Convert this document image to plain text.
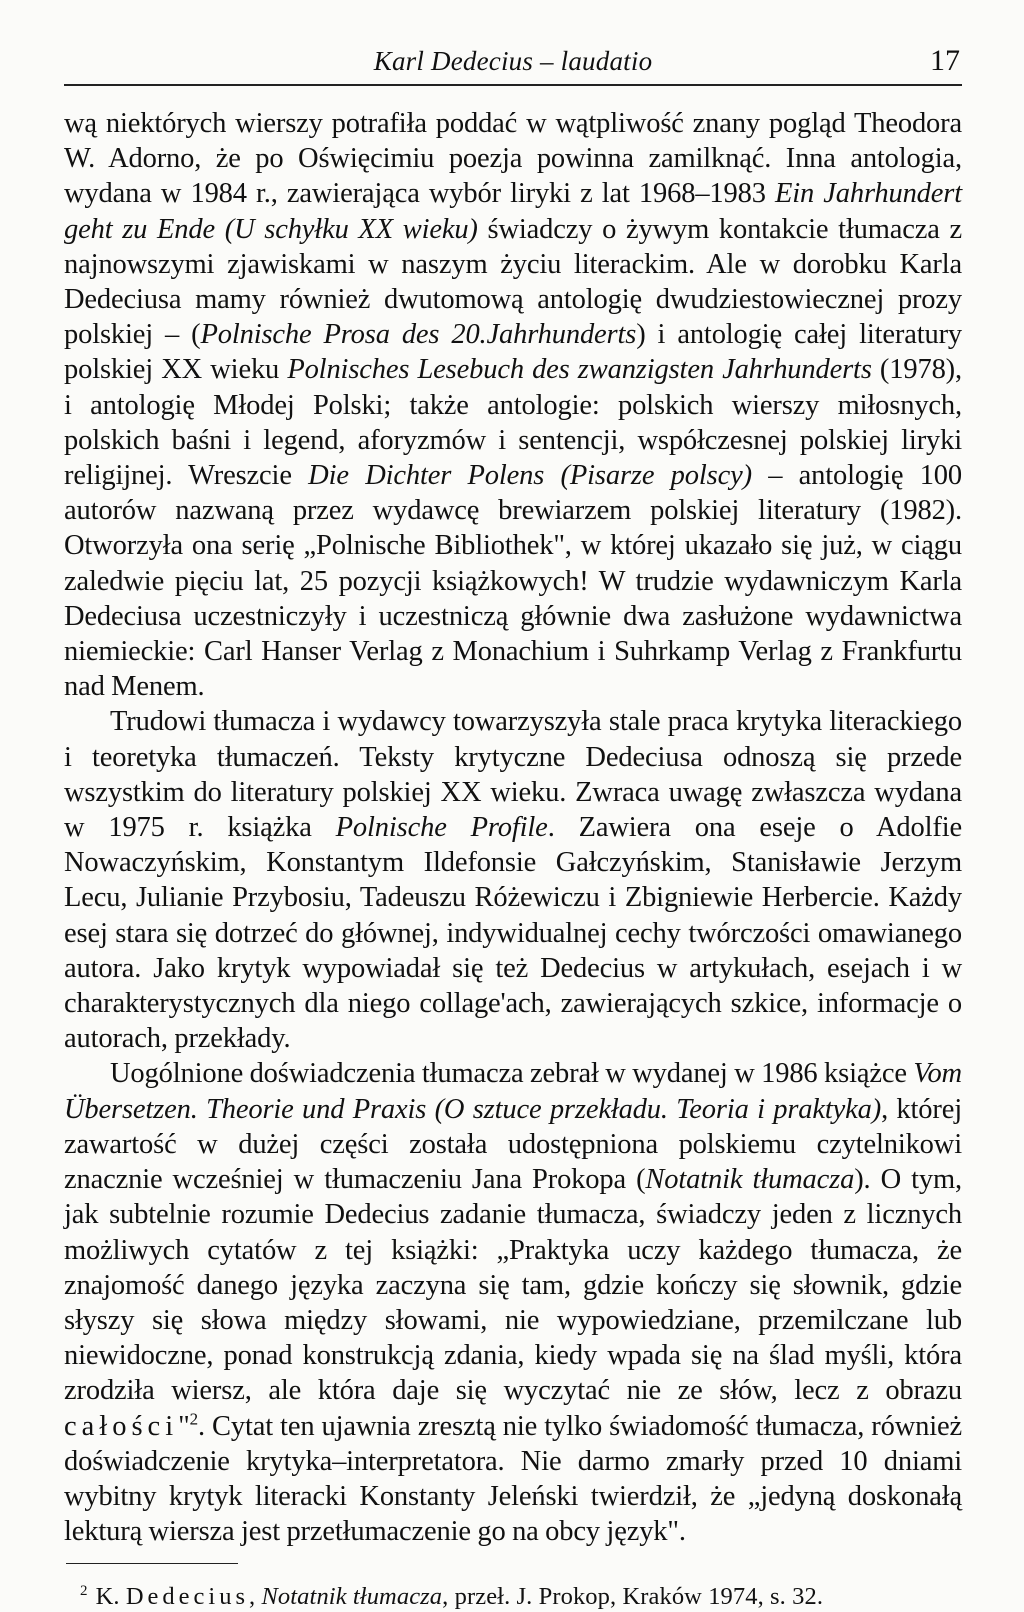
Karl Dedecius – laudatio	17

wą niektórych wierszy potrafiła poddać w wątpliwość znany pogląd Theodora W. Adorno, że po Oświęcimiu poezja powinna zamilknąć. Inna antologia, wydana w 1984 r., zawierająca wybór liryki z lat 1968–1983 Ein Jahrhundert geht zu Ende (U schyłku XX wieku) świadczy o żywym kontakcie tłumacza z najnowszymi zjawiskami w naszym życiu literackim. Ale w dorobku Karla Dedeciusa mamy również dwutomową antologię dwudziestowiecznej prozy polskiej – (Polnische Prosa des 20.Jahrhunderts) i antologię całej literatury polskiej XX wieku Polnisches Lesebuch des zwanzigsten Jahrhunderts (1978), i antologię Młodej Polski; także antologie: polskich wierszy miłosnych, polskich baśni i legend, aforyzmów i sentencji, współczesnej polskiej liryki religijnej. Wreszcie Die Dichter Polens (Pisarze polscy) – antologię 100 autorów nazwaną przez wydawcę brewiarzem polskiej literatury (1982). Otworzyła ona serię „Polnische Bibliothek", w której ukazało się już, w ciągu zaledwie pięciu lat, 25 pozycji książkowych! W trudzie wydawniczym Karla Dedeciusa uczestniczyły i uczestniczą głównie dwa zasłużone wydawnictwa niemieckie: Carl Hanser Verlag z Monachium i Suhrkamp Verlag z Frankfurtu nad Menem.

Trudowi tłumacza i wydawcy towarzyszyła stale praca krytyka literackiego i teoretyka tłumaczeń. Teksty krytyczne Dedeciusa odnoszą się przede wszystkim do literatury polskiej XX wieku. Zwraca uwagę zwłaszcza wydana w 1975 r. książka Polnische Profile. Zawiera ona eseje o Adolfie Nowaczyńskim, Konstantym Ildefonsie Gałczyńskim, Stanisławie Jerzym Lecu, Julianie Przybosiu, Tadeuszu Różewiczu i Zbigniewie Herbercie. Każdy esej stara się dotrzeć do głównej, indywidualnej cechy twórczości omawianego autora. Jako krytyk wypowiadał się też Dedecius w artykułach, esejach i w charakterystycznych dla niego collage'ach, zawierających szkice, informacje o autorach, przekłady.

Uogólnione doświadczenia tłumacza zebrał w wydanej w 1986 książce Vom Übersetzen. Theorie und Praxis (O sztuce przekładu. Teoria i praktyka), której zawartość w dużej części została udostępniona polskiemu czytelnikowi znacznie wcześniej w tłumaczeniu Jana Prokopa (Notatnik tłumacza). O tym, jak subtelnie rozumie Dedecius zadanie tłumacza, świadczy jeden z licznych możliwych cytatów z tej książki: „Praktyka uczy każdego tłumacza, że znajomość danego języka zaczyna się tam, gdzie kończy się słownik, gdzie słyszy się słowa między słowami, nie wypowiedziane, przemilczane lub niewidoczne, ponad konstrukcją zdania, kiedy wpada się na ślad myśli, która zrodziła wiersz, ale która daje się wyczytać nie ze słów, lecz z obrazu całości"$^2$. Cytat ten ujawnia zresztą nie tylko świadomość tłumacza, również doświadczenie krytyka–interpretatora. Nie darmo zmarły przed 10 dniami wybitny krytyk literacki Konstanty Jeleński twierdził, że „jedyną doskonałą lekturą wiersza jest przetłumaczenie go na obcy język".

$^2$ K. Dedecius, Notatnik tłumacza, przeł. J. Prokop, Kraków 1974, s. 32.
